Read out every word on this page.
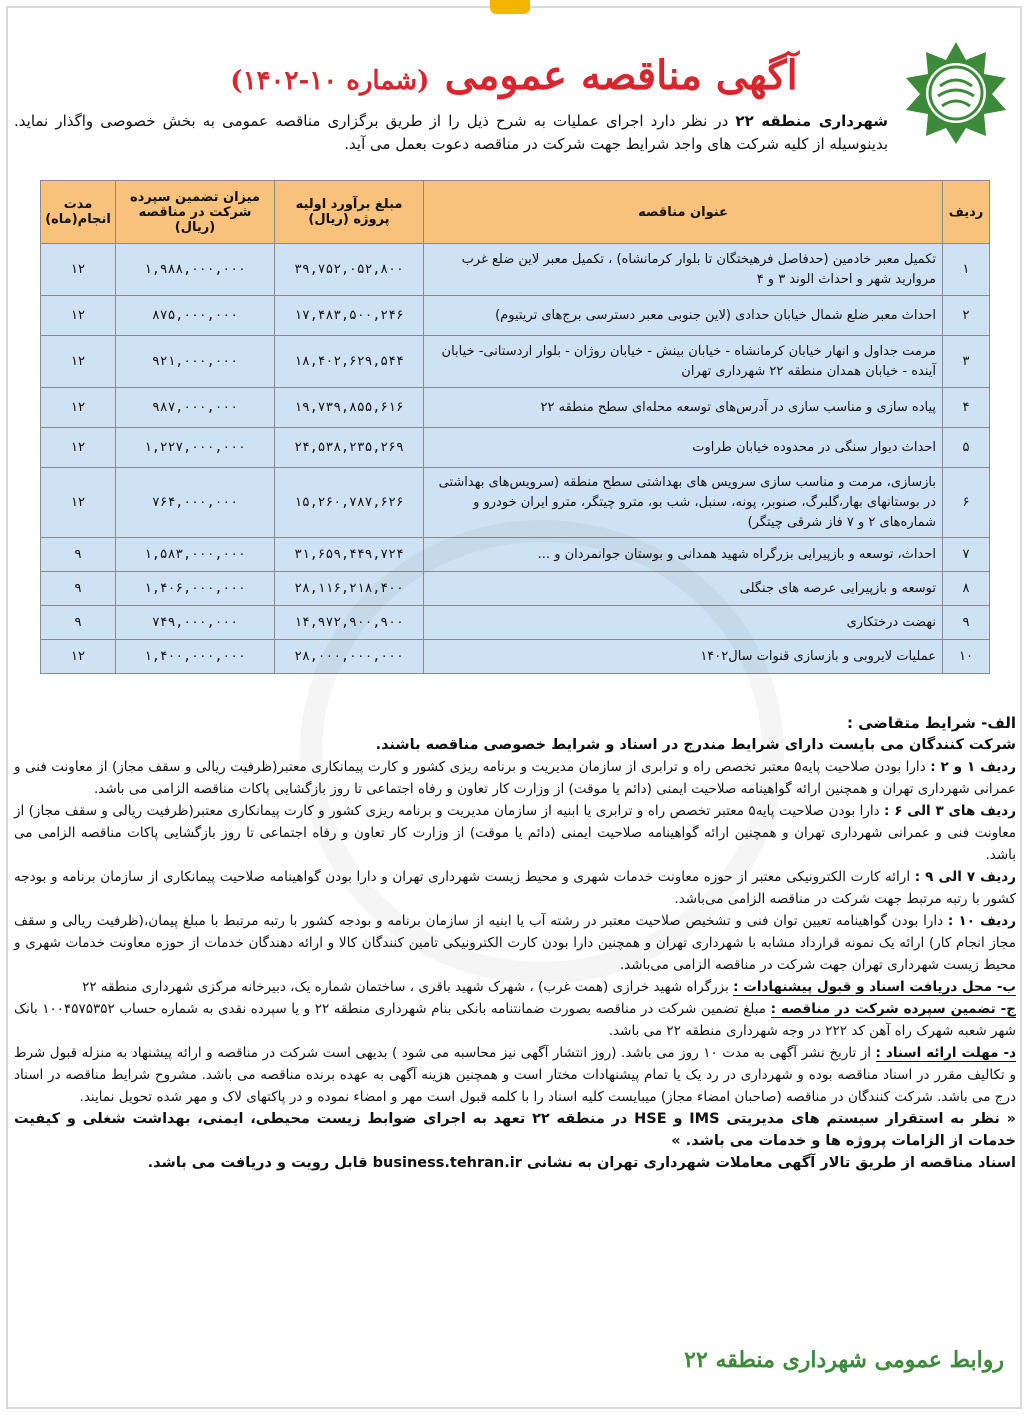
آگهی مناقصه عمومی (شماره ۱۰-۱۴۰۲)
شهرداری منطقه ۲۲ در نظر دارد اجرای عملیات به شرح ذیل را از طریق برگزاری مناقصه عمومی به بخش خصوصی واگذار نماید. بدینوسیله از کلیه شرکت های واجد شرایط جهت شرکت در مناقصه دعوت بعمل می آید.
ردیف	عنوان مناقصه	مبلغ برآورد اولیه پروژه (ریال)	میزان تضمین سپرده شرکت در مناقصه (ریال)	مدت انجام(ماه)
۱	تکمیل معبر خادمین (حدفاصل فرهیختگان تا بلوار کرمانشاه) ، تکمیل معبر لاین ضلع غرب مروارید شهر و احداث الوند ۳ و ۴	۳۹,۷۵۲,۰۵۲,۸۰۰	۱,۹۸۸,۰۰۰,۰۰۰	۱۲
۲	احداث معبر ضلع شمال خیابان حدادی (لاین جنوبی معبر دسترسی برج‌های تریتیوم)	۱۷,۴۸۳,۵۰۰,۲۴۶	۸۷۵,۰۰۰,۰۰۰	۱۲
۳	مرمت جداول و انهار خیابان کرمانشاه - خیابان بینش - خیابان روژان - بلوار اردستانی- خیابان آینده - خیابان همدان منطقه ۲۲ شهرداری تهران	۱۸,۴۰۲,۶۲۹,۵۴۴	۹۲۱,۰۰۰,۰۰۰	۱۲
۴	پیاده سازی و مناسب سازی در آدرس‌های توسعه محله‌ای سطح منطقه ۲۲	۱۹,۷۳۹,۸۵۵,۶۱۶	۹۸۷,۰۰۰,۰۰۰	۱۲
۵	احداث دیوار سنگی در محدوده خیابان طراوت	۲۴,۵۳۸,۲۳۵,۲۶۹	۱,۲۲۷,۰۰۰,۰۰۰	۱۲
۶	بازسازی، مرمت و مناسب سازی سرویس های بهداشتی سطح منطقه (سرویس‌های بهداشتی در بوستانهای بهار،گلبرگ، صنوبر، پونه، سنبل، شب بو، مترو چیتگر، مترو ایران خودرو و شماره‌های ۲ و ۷ فاز شرقی چیتگر)	۱۵,۲۶۰,۷۸۷,۶۲۶	۷۶۴,۰۰۰,۰۰۰	۱۲
۷	احداث، توسعه و بازپیرایی بزرگراه شهید همدانی و بوستان جوانمردان و ...	۳۱,۶۵۹,۴۴۹,۷۲۴	۱,۵۸۳,۰۰۰,۰۰۰	۹
۸	توسعه و بازپیرایی عرصه های جنگلی	۲۸,۱۱۶,۲۱۸,۴۰۰	۱,۴۰۶,۰۰۰,۰۰۰	۹
۹	نهضت درختکاری	۱۴,۹۷۲,۹۰۰,۹۰۰	۷۴۹,۰۰۰,۰۰۰	۹
۱۰	عملیات لایروبی و بازسازی قنوات سال۱۴۰۲	۲۸,۰۰۰,۰۰۰,۰۰۰	۱,۴۰۰,۰۰۰,۰۰۰	۱۲

الف- شرایط متقاضی :

شرکت کنندگان می بایست دارای شرایط مندرج در اسناد و شرایط خصوصی مناقصه باشند.

ردیف ۱ و ۲ : دارا بودن صلاحیت پایه۵ معتبر تخصص راه و ترابری از سازمان مدیریت و برنامه ریزی کشور و کارت پیمانکاری معتبر(ظرفیت ریالی و سقف مجاز) از معاونت فنی و عمرانی شهرداری تهران و همچنین ارائه گواهینامه صلاحیت ایمنی (دائم یا موقت) از وزارت کار تعاون و رفاه اجتماعی تا روز بازگشایی پاکات مناقصه الزامی می باشد.

ردیف های ۳ الی ۶ : دارا بودن صلاحیت پایه۵ معتبر تخصص راه و ترابری یا ابنیه از سازمان مدیریت و برنامه ریزی کشور و کارت پیمانکاری معتبر(ظرفیت ریالی و سقف مجاز) از معاونت فنی و عمرانی شهرداری تهران و همچنین ارائه گواهینامه صلاحیت ایمنی (دائم یا موقت) از وزارت کار تعاون و رفاه اجتماعی تا روز بازگشایی پاکات مناقصه الزامی می باشد.

ردیف ۷ الی ۹ : ارائه کارت الکترونیکی معتبر از حوزه معاونت خدمات شهری و محیط زیست شهرداری تهران و دارا بودن گواهینامه صلاحیت پیمانکاری از سازمان برنامه و بودجه کشور با رتبه مرتبط جهت شرکت در مناقصه الزامی می‌باشد.

ردیف ۱۰ : دارا بودن گواهینامه تعیین توان فنی و تشخیص صلاحیت معتبر در رشته آب یا ابنیه از سازمان برنامه و بودجه کشور با رتبه مرتبط با مبلغ پیمان،(ظرفیت ریالی و سقف مجاز انجام کار) ارائه یک نمونه قرارداد مشابه با شهرداری تهران و همچنین دارا بودن کارت الکترونیکی تامین کنندگان کالا و ارائه دهندگان خدمات از حوزه معاونت خدمات شهری و محیط زیست شهرداری تهران جهت شرکت در مناقصه الزامی می‌باشد.

ب- محل دریافت اسناد و قبول پیشنهادات : بزرگراه شهید خرازی (همت غرب) ، شهرک شهید باقری ، ساختمان شماره یک، دبیرخانه مرکزی شهرداری منطقه ۲۲

ج- تضمین سپرده شرکت در مناقصه : مبلغ تضمین شرکت در مناقصه بصورت ضمانتنامه بانکی بنام شهرداری منطقه ۲۲ و یا سپرده نقدی به شماره حساب ۱۰۰۴۵۷۵۳۵۲ بانک شهر شعبه شهرک راه آهن کد ۲۲۲ در وجه شهرداری منطقه ۲۲ می باشد.

د- مهلت ارائه اسناد : از تاریخ نشر آگهی به مدت ۱۰ روز می باشد. (روز انتشار آگهی نیز محاسبه می شود ) بدیهی است شرکت در مناقصه و ارائه پیشنهاد به منزله قبول شرط و تکالیف مقرر در اسناد مناقصه بوده و شهرداری در رد یک یا تمام پیشنهادات مختار است و همچنین هزینه آگهی به عهده برنده مناقصه می باشد. مشروح شرایط مناقصه در اسناد درج می باشد. شرکت کنندگان در مناقصه (صاحبان امضاء مجاز) میبایست کلیه اسناد را با کلمه قبول است مهر و امضاء نموده و در پاکتهای لاک و مهر شده تحویل نمایند.

« نظر به استقرار سیستم های مدیریتی IMS و HSE در منطقه ۲۲ تعهد به اجرای ضوابط زیست محیطی، ایمنی، بهداشت شغلی و کیفیت خدمات از الزامات پروژه ها و خدمات می باشد. »

اسناد مناقصه از طریق تالار آگهی معاملات شهرداری تهران به نشانی business.tehran.ir قابل رویت و دریافت می باشد.

روابط عمومی شهرداری منطقه ۲۲
